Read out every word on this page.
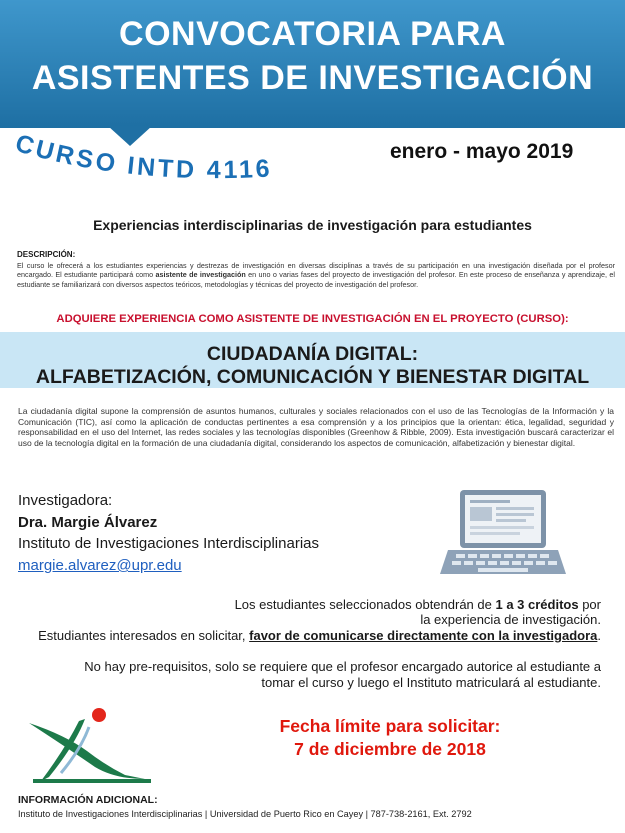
CONVOCATORIA PARA
ASISTENTES DE INVESTIGACIÓN
CURSO INTD 4116
enero - mayo 2019
Experiencias interdisciplinarias de investigación para estudiantes
DESCRIPCIÓN:
El curso le ofrecerá a los estudiantes experiencias y destrezas de investigación en diversas disciplinas a través de su participación en una investigación diseñada por el profesor encargado. El estudiante participará como asistente de investigación en uno o varias fases del proyecto de investigación del profesor. En este proceso de enseñanza y aprendizaje, el estudiante se familiarizará con diversos aspectos teóricos, metodologías y técnicas del proyecto de investigación del profesor.
ADQUIERE EXPERIENCIA COMO ASISTENTE DE INVESTIGACIÓN EN EL PROYECTO (CURSO):
CIUDADANÍA DIGITAL:
ALFABETIZACIÓN, COMUNICACIÓN Y BIENESTAR DIGITAL
La ciudadanía digital supone la comprensión de asuntos humanos, culturales y sociales relacionados con el uso de las Tecnologías de la Información y la Comunicación (TIC), así como la aplicación de conductas pertinentes a esa comprensión y a los principios que la orientan: ética, legalidad, seguridad y responsabilidad en el uso del Internet, las redes sociales y las tecnologías disponibles (Greenhow & Ribble, 2009). Esta investigación buscará caracterizar el uso de la tecnología digital en la formación de una ciudadanía digital, considerando los aspectos de comunicación, alfabetización y bienestar digital.
Investigadora:
Dra. Margie Álvarez
Instituto de Investigaciones Interdisciplinarias
margie.alvarez@upr.edu
Los estudiantes seleccionados obtendrán de 1 a 3 créditos por
la experiencia de investigación.
Estudiantes interesados en solicitar, favor de comunicarse directamente con la investigadora.
No hay pre-requisitos, solo se requiere que el profesor encargado autorice al estudiante a
tomar el curso y luego el Instituto matriculará al estudiante.
Fecha límite para solicitar:
7 de diciembre de 2018
INFORMACIÓN ADICIONAL:
Instituto de Investigaciones Interdisciplinarias | Universidad de Puerto Rico en Cayey | 787-738-2161, Ext. 2792
